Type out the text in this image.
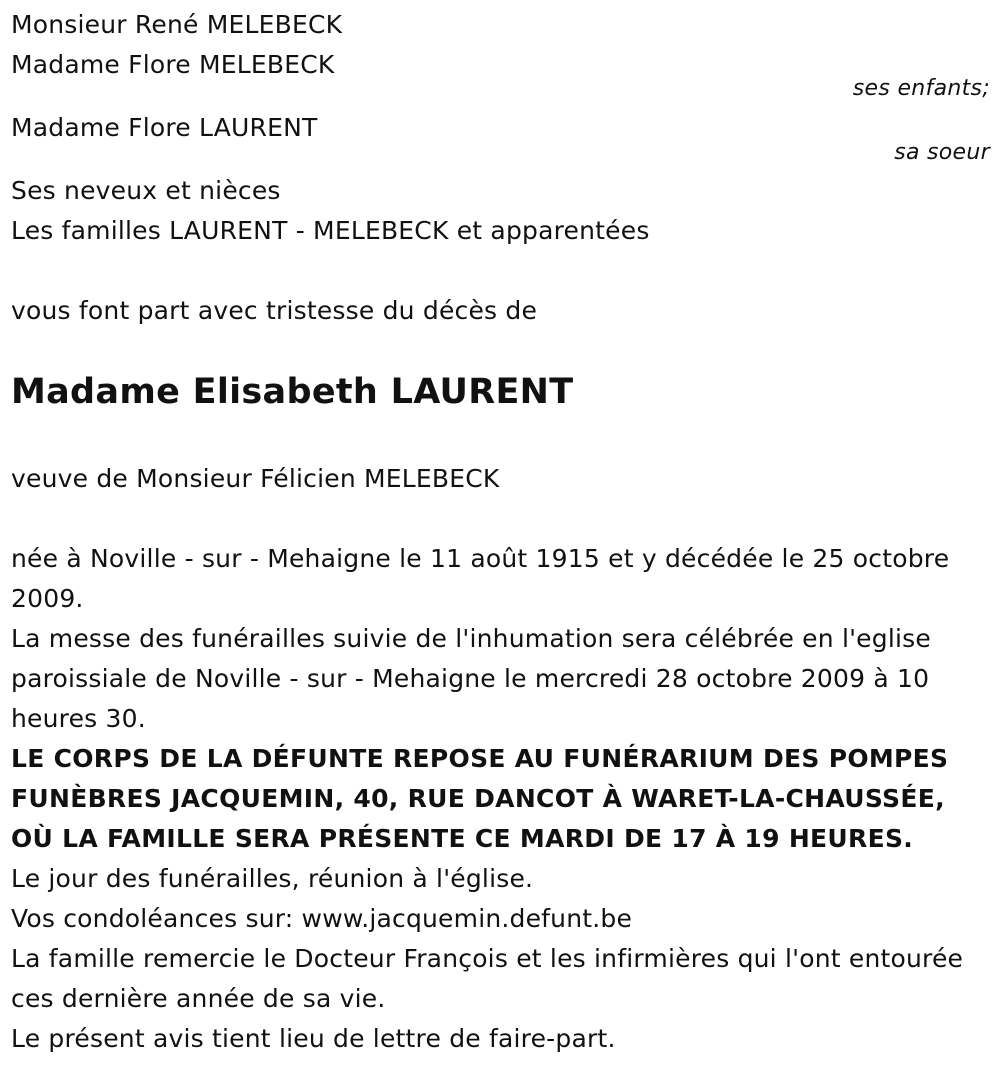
Monsieur René MELEBECK
Madame Flore MELEBECK
ses enfants;
Madame Flore LAURENT
sa soeur
Ses neveux et nièces
Les familles LAURENT - MELEBECK et apparentées
vous font part avec tristesse du décès de
Madame Elisabeth LAURENT
veuve de Monsieur Félicien MELEBECK
née à Noville - sur - Mehaigne le 11 août 1915 et y décédée le 25 octobre 2009.
La messe des funérailles suivie de l'inhumation sera célébrée en l'eglise paroissiale de Noville - sur - Mehaigne le mercredi 28 octobre 2009 à 10 heures 30.
LE CORPS DE LA DÉFUNTE REPOSE AU FUNÉRARIUM DES POMPES FUNÈBRES JACQUEMIN, 40, RUE DANCOT À WARET-LA-CHAUSSÉE, OÙ LA FAMILLE SERA PRÉSENTE CE MARDI DE 17 À 19 HEURES.
Le jour des funérailles, réunion à l'église.
Vos condoléances sur: www.jacquemin.defunt.be
La famille remercie le Docteur François et les infirmières qui l'ont entourée ces dernière année de sa vie.
Le présent avis tient lieu de lettre de faire-part.
